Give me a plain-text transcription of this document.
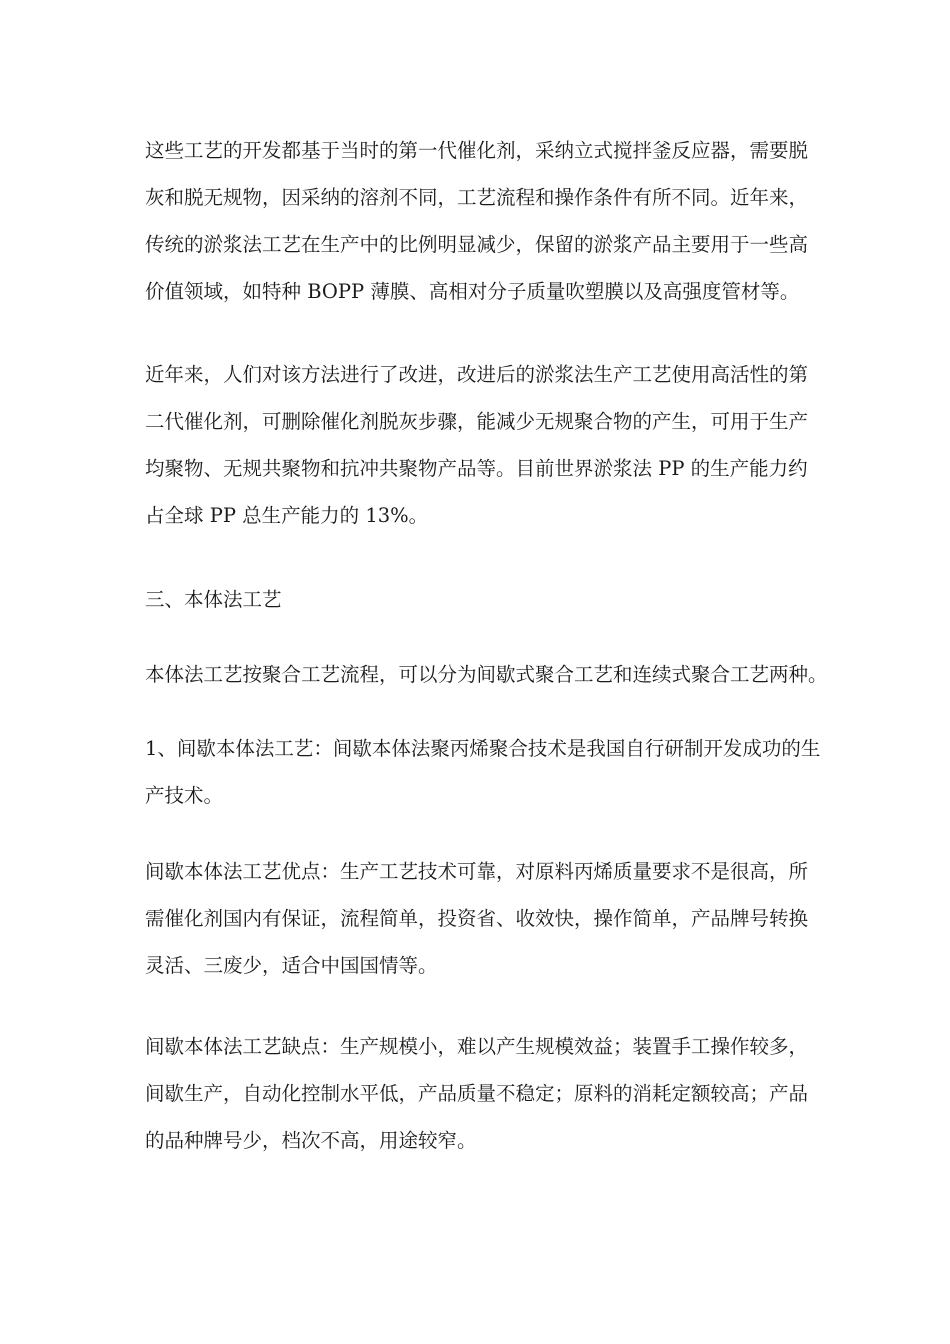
这些工艺的开发都基于当时的第一代催化剂，采纳立式搅拌釜反应器，需要脱
灰和脱无规物，因采纳的溶剂不同，工艺流程和操作条件有所不同。近年来，
传统的淤浆法工艺在生产中的比例明显减少，保留的淤浆产品主要用于一些高
价值领域，如特种 BOPP 薄膜、高相对分子质量吹塑膜以及高强度管材等。
近年来，人们对该方法进行了改进，改进后的淤浆法生产工艺使用高活性的第
二代催化剂，可删除催化剂脱灰步骤，能减少无规聚合物的产生，可用于生产
均聚物、无规共聚物和抗冲共聚物产品等。目前世界淤浆法 PP 的生产能力约
占全球 PP 总生产能力的 13%。
三、本体法工艺
本体法工艺按聚合工艺流程，可以分为间歇式聚合工艺和连续式聚合工艺两种。
1、间歇本体法工艺：间歇本体法聚丙烯聚合技术是我国自行研制开发成功的生
产技术。
间歇本体法工艺优点：生产工艺技术可靠，对原料丙烯质量要求不是很高，所
需催化剂国内有保证，流程简单，投资省、收效快，操作简单，产品牌号转换
灵活、三废少，适合中国国情等。
间歇本体法工艺缺点：生产规模小，难以产生规模效益；装置手工操作较多，
间歇生产，自动化控制水平低，产品质量不稳定；原料的消耗定额较高；产品
的品种牌号少，档次不高，用途较窄。
